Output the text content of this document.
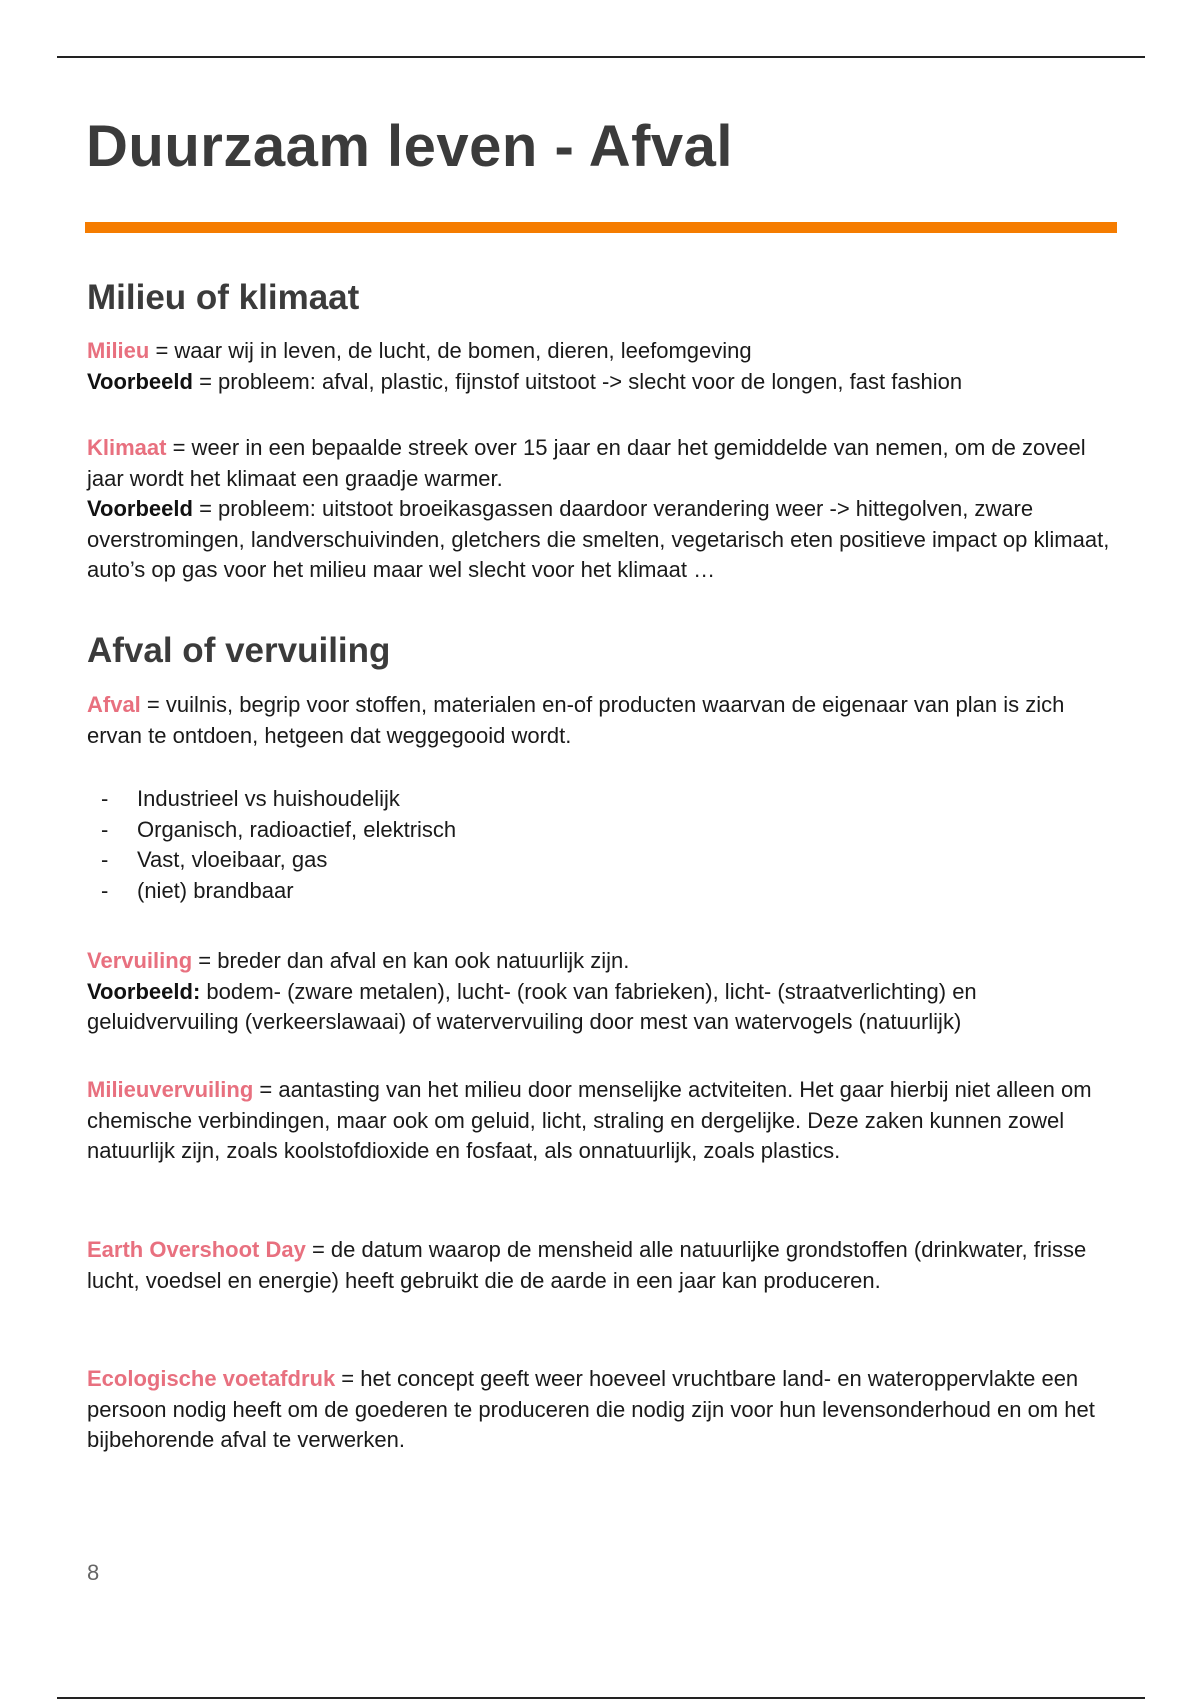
Duurzaam leven - Afval
Milieu of klimaat

Milieu = waar wij in leven, de lucht, de bomen, dieren, leefomgeving
Voorbeeld = probleem: afval, plastic, fijnstof uitstoot -> slecht voor de longen, fast fashion

Klimaat = weer in een bepaalde streek over 15 jaar en daar het gemiddelde van nemen, om de zoveel jaar wordt het klimaat een graadje warmer.
Voorbeeld = probleem: uitstoot broeikasgassen daardoor verandering weer -> hittegolven, zware overstromingen, landverschuivinden, gletchers die smelten, vegetarisch eten positieve impact op klimaat, auto’s op gas voor het milieu maar wel slecht voor het klimaat …

Afval of vervuiling

Afval = vuilnis, begrip voor stoffen, materialen en-of producten waarvan de eigenaar van plan is zich ervan te ontdoen, hetgeen dat weggegooid wordt.

- Industrieel vs huishoudelijk
- Organisch, radioactief, elektrisch
- Vast, vloeibaar, gas
- (niet) brandbaar

Vervuiling = breder dan afval en kan ook natuurlijk zijn.
Voorbeeld: bodem- (zware metalen), lucht- (rook van fabrieken), licht- (straatverlichting) en geluidvervuiling (verkeerslawaai) of watervervuiling door mest van watervogels (natuurlijk)

Milieuvervuiling = aantasting van het milieu door menselijke actviteiten. Het gaar hierbij niet alleen om chemische verbindingen, maar ook om geluid, licht, straling en dergelijke. Deze zaken kunnen zowel natuurlijk zijn, zoals koolstofdioxide en fosfaat, als onnatuurlijk, zoals plastics.

Earth Overshoot Day = de datum waarop de mensheid alle natuurlijke grondstoffen (drinkwater, frisse lucht, voedsel en energie) heeft gebruikt die de aarde in een jaar kan produceren.

Ecologische voetafdruk = het concept geeft weer hoeveel vruchtbare land- en wateroppervlakte een persoon nodig heeft om de goederen te produceren die nodig zijn voor hun levensonderhoud en om het bijbehorende afval te verwerken.

8
